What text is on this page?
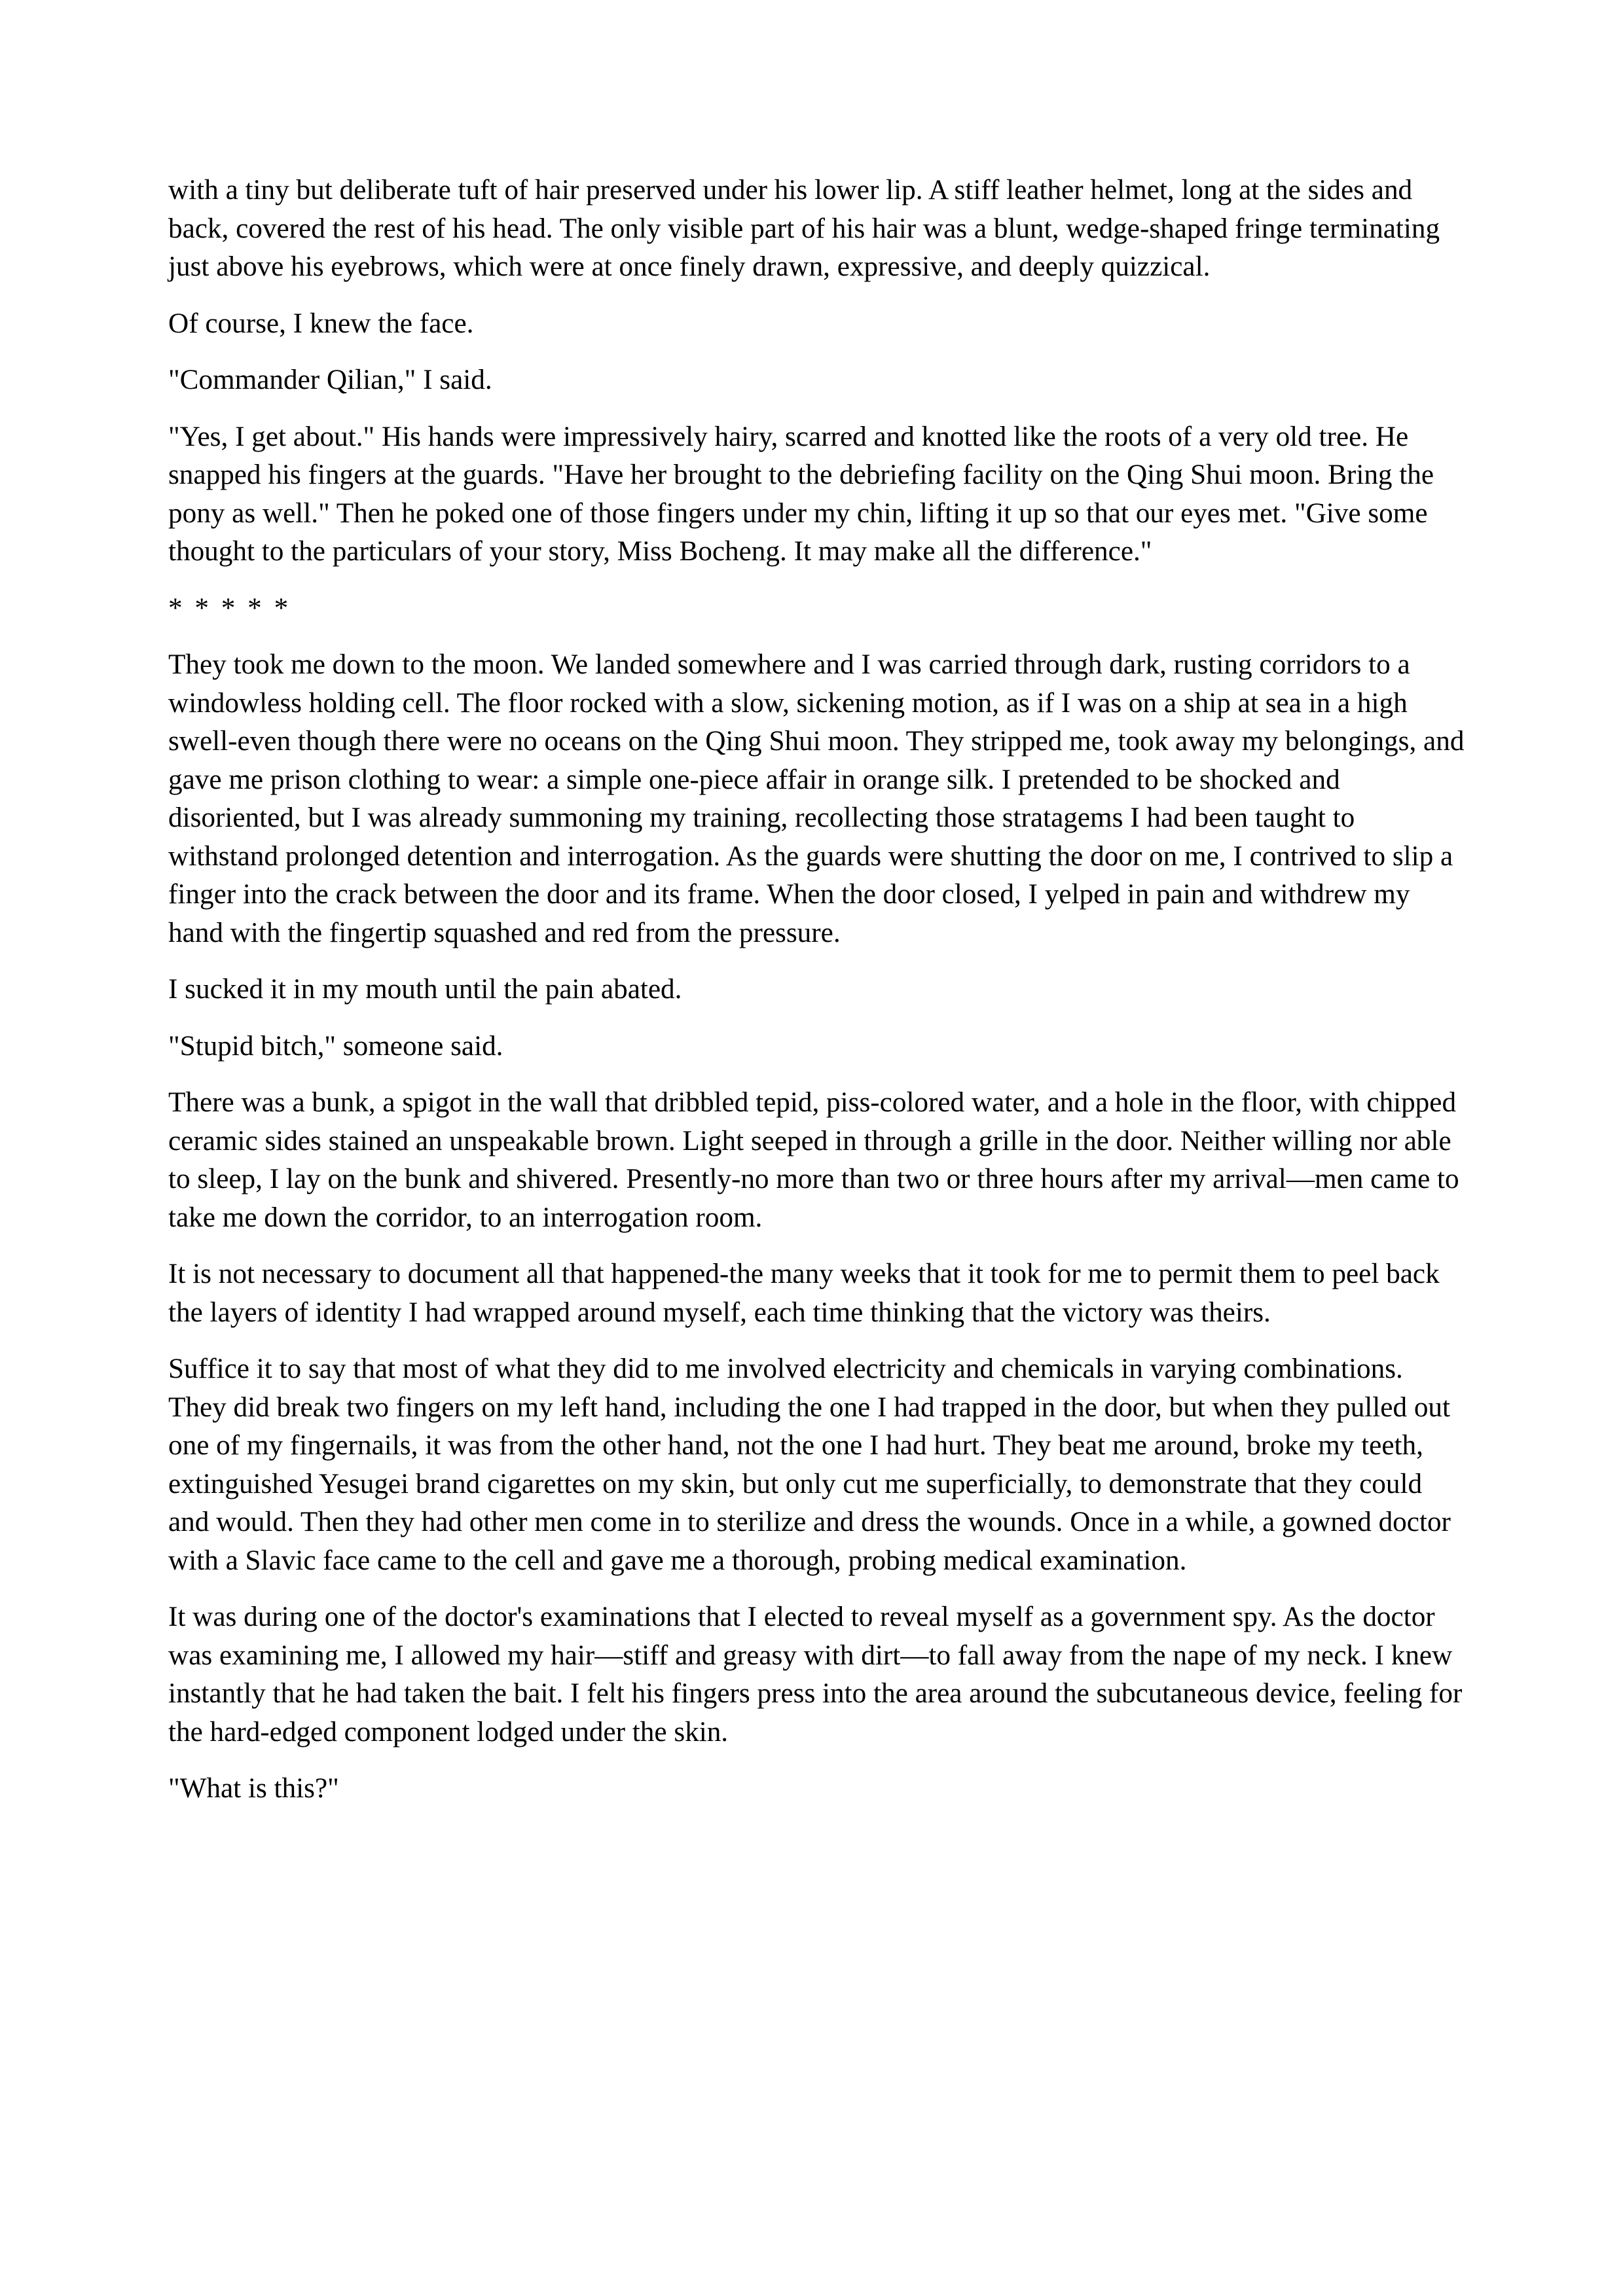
with a tiny but deliberate tuft of hair preserved under his lower lip. A stiff leather helmet, long at the sides and back, covered the rest of his head. The only visible part of his hair was a blunt, wedge-shaped fringe terminating just above his eyebrows, which were at once finely drawn, expressive, and deeply quizzical.

Of course, I knew the face.

"Commander Qilian," I said.

"Yes, I get about." His hands were impressively hairy, scarred and knotted like the roots of a very old tree. He snapped his fingers at the guards. "Have her brought to the debriefing facility on the Qing Shui moon. Bring the pony as well." Then he poked one of those fingers under my chin, lifting it up so that our eyes met. "Give some thought to the particulars of your story, Miss Bocheng. It may make all the difference."

* * * * *

They took me down to the moon. We landed somewhere and I was carried through dark, rusting corridors to a windowless holding cell. The floor rocked with a slow, sickening motion, as if I was on a ship at sea in a high swell-even though there were no oceans on the Qing Shui moon. They stripped me, took away my belongings, and gave me prison clothing to wear: a simple one-piece affair in orange silk. I pretended to be shocked and disoriented, but I was already summoning my training, recollecting those stratagems I had been taught to withstand prolonged detention and interrogation. As the guards were shutting the door on me, I contrived to slip a finger into the crack between the door and its frame. When the door closed, I yelped in pain and withdrew my hand with the fingertip squashed and red from the pressure.

I sucked it in my mouth until the pain abated.

"Stupid bitch," someone said.

There was a bunk, a spigot in the wall that dribbled tepid, piss-colored water, and a hole in the floor, with chipped ceramic sides stained an unspeakable brown. Light seeped in through a grille in the door. Neither willing nor able to sleep, I lay on the bunk and shivered. Presently-no more than two or three hours after my arrival—men came to take me down the corridor, to an interrogation room.

It is not necessary to document all that happened-the many weeks that it took for me to permit them to peel back the layers of identity I had wrapped around myself, each time thinking that the victory was theirs.

Suffice it to say that most of what they did to me involved electricity and chemicals in varying combinations. They did break two fingers on my left hand, including the one I had trapped in the door, but when they pulled out one of my fingernails, it was from the other hand, not the one I had hurt. They beat me around, broke my teeth, extinguished Yesugei brand cigarettes on my skin, but only cut me superficially, to demonstrate that they could and would. Then they had other men come in to sterilize and dress the wounds. Once in a while, a gowned doctor with a Slavic face came to the cell and gave me a thorough, probing medical examination.

It was during one of the doctor's examinations that I elected to reveal myself as a government spy. As the doctor was examining me, I allowed my hair—stiff and greasy with dirt—to fall away from the nape of my neck. I knew instantly that he had taken the bait. I felt his fingers press into the area around the subcutaneous device, feeling for the hard-edged component lodged under the skin.

"What is this?"
